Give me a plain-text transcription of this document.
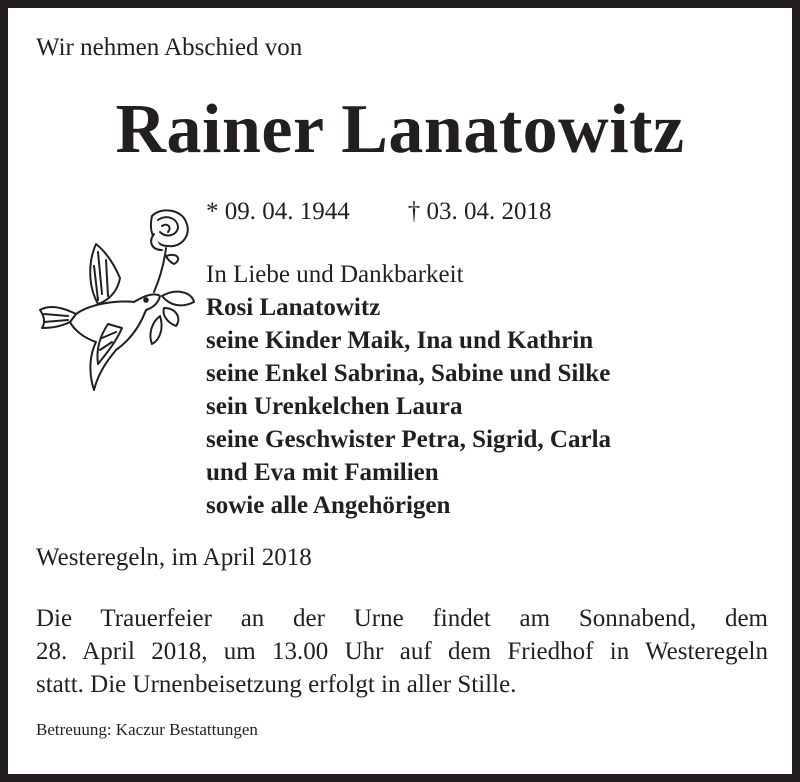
Wir nehmen Abschied von
Rainer Lanatowitz
* 09. 04. 1944 † 03. 04. 2018
In Liebe und Dankbarkeit
Rosi Lanatowitz
seine Kinder Maik, Ina und Kathrin
seine Enkel Sabrina, Sabine und Silke
sein Urenkelchen Laura
seine Geschwister Petra, Sigrid, Carla
und Eva mit Familien
sowie alle Angehörigen
Westeregeln, im April 2018
Die Trauerfeier an der Urne findet am Sonnabend, dem
28. April 2018, um 13.00 Uhr auf dem Friedhof in Westeregeln
statt. Die Urnenbeisetzung erfolgt in aller Stille.
Betreuung: Kaczur Bestattungen
